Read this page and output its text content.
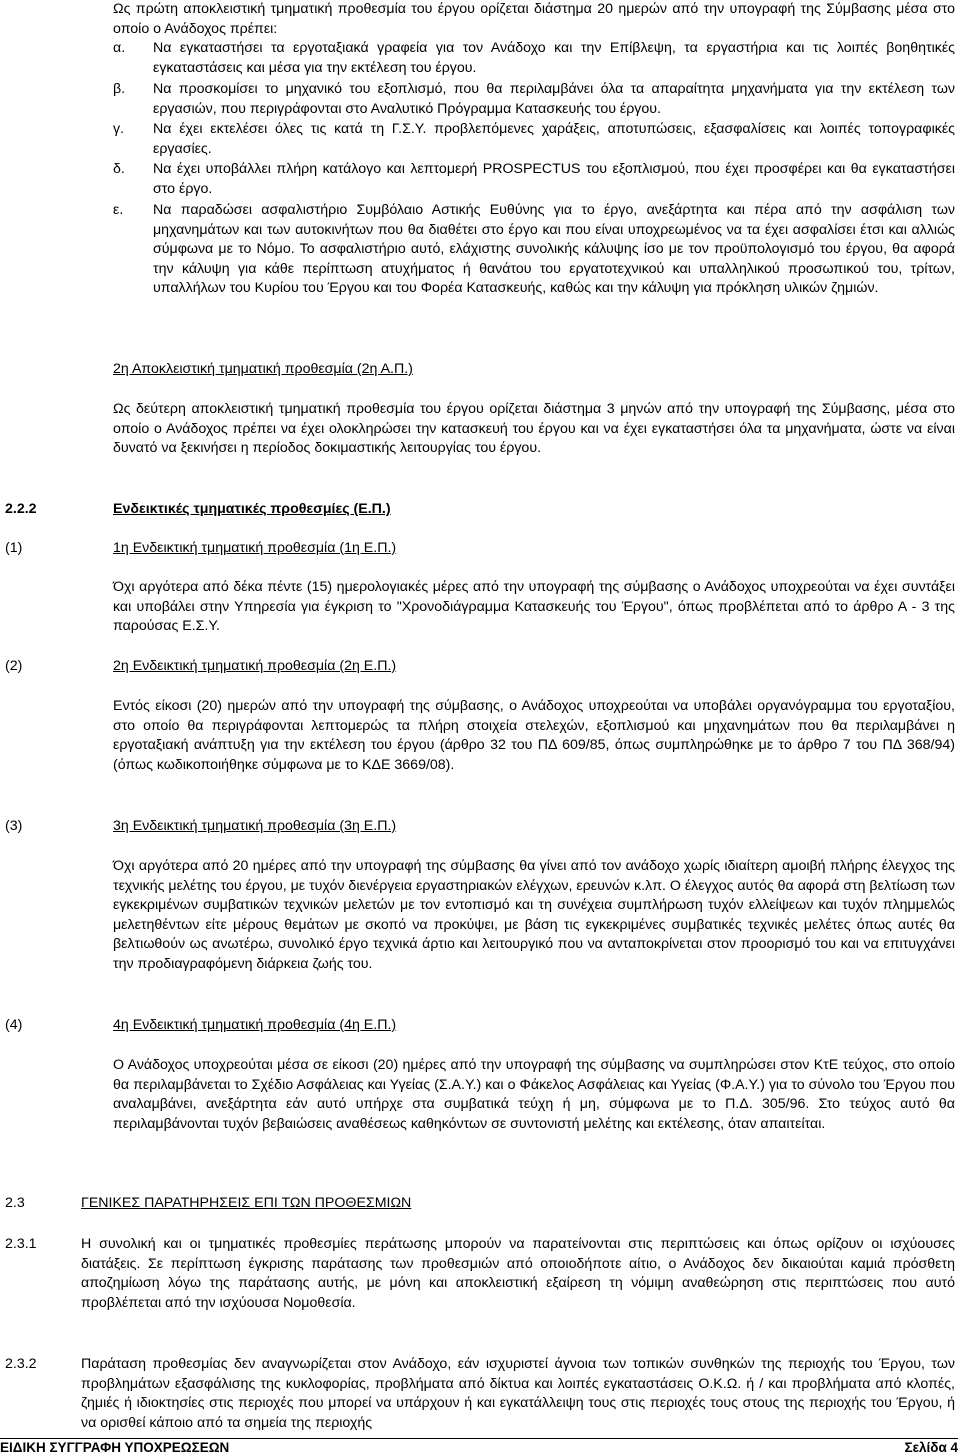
Ως πρώτη αποκλειστική τμηματική προθεσμία του έργου ορίζεται διάστημα 20 ημερών από την υπογραφή της Σύμβασης μέσα στο οποίο ο Ανάδοχος πρέπει:

α.	Να εγκαταστήσει τα εργοταξιακά γραφεία για τον Ανάδοχο και την Επίβλεψη, τα εργαστήρια και τις λοιπές βοηθητικές εγκαταστάσεις και μέσα για την εκτέλεση του έργου.
β.	Να προσκομίσει το μηχανικό του εξοπλισμό, που θα περιλαμβάνει όλα τα απαραίτητα μηχανήματα για την εκτέλεση των εργασιών, που περιγράφονται στο Αναλυτικό Πρόγραμμα Κατασκευής του έργου.
γ.	Να έχει εκτελέσει όλες τις κατά τη Γ.Σ.Υ. προβλεπόμενες χαράξεις, αποτυπώσεις, εξασφαλίσεις και λοιπές τοπογραφικές εργασίες.
δ.	Να έχει υποβάλλει πλήρη κατάλογο και λεπτομερή PROSPECTUS του εξοπλισμού, που έχει προσφέρει και θα εγκαταστήσει στο έργο.
ε.	Να παραδώσει ασφαλιστήριο Συμβόλαιο Αστικής Ευθύνης για το έργο, ανεξάρτητα και πέρα από την ασφάλιση των μηχανημάτων και των αυτοκινήτων που θα διαθέτει στο έργο και που είναι υποχρεωμένος να τα έχει ασφαλίσει έτσι και αλλιώς σύμφωνα με το Νόμο. Το ασφαλιστήριο αυτό, ελάχιστης συνολικής κάλυψης ίσο με τον προϋπολογισμό του έργου, θα αφορά την κάλυψη για κάθε περίπτωση ατυχήματος ή θανάτου του εργατοτεχνικού και υπαλληλικού προσωπικού του, τρίτων, υπαλλήλων του Κυρίου του Έργου και του Φορέα Κατασκευής, καθώς και την κάλυψη για πρόκληση υλικών ζημιών.
2η Αποκλειστική τμηματική προθεσμία (2η Α.Π.)

Ως δεύτερη αποκλειστική τμηματική προθεσμία του έργου ορίζεται διάστημα 3 μηνών από την υπογραφή της Σύμβασης, μέσα στο οποίο ο Ανάδοχος πρέπει να έχει ολοκληρώσει την κατασκευή του έργου και να έχει εγκαταστήσει όλα τα μηχανήματα, ώστε να είναι δυνατό να ξεκινήσει η περίοδος δοκιμαστικής λειτουργίας του έργου.

2.2.2	Ενδεικτικές τμηματικές προθεσμίες (Ε.Π.)
(1)	1η Ενδεικτική τμηματική προθεσμία (1η Ε.Π.)

Όχι αργότερα από δέκα πέντε (15) ημερολογιακές μέρες από την υπογραφή της σύμβασης ο Ανάδοχος υποχρεούται να έχει συντάξει και υποβάλει στην Υπηρεσία για έγκριση το "Χρονοδιάγραμμα Κατασκευής του Έργου", όπως προβλέπεται από το άρθρο Α - 3 της παρούσας Ε.Σ.Υ.

(2)	2η Ενδεικτική τμηματική προθεσμία (2η Ε.Π.)

Εντός είκοσι (20) ημερών από την υπογραφή της σύμβασης, ο Ανάδοχος υποχρεούται να υποβάλει οργανόγραμμα του εργοταξίου, στο οποίο θα περιγράφονται λεπτομερώς τα πλήρη στοιχεία στελεχών, εξοπλισμού και μηχανημάτων που θα περιλαμβάνει η εργοταξιακή ανάπτυξη για την εκτέλεση του έργου (άρθρο 32 του ΠΔ 609/85, όπως συμπληρώθηκε με το άρθρο 7 του ΠΔ 368/94) (όπως κωδικοποιήθηκε σύμφωνα με το ΚΔΕ 3669/08).

(3)	3η Ενδεικτική τμηματική προθεσμία (3η Ε.Π.)

Όχι αργότερα από 20 ημέρες από την υπογραφή της σύμβασης θα γίνει από τον ανάδοχο χωρίς ιδιαίτερη αμοιβή πλήρης έλεγχος της τεχνικής μελέτης του έργου, με τυχόν διενέργεια εργαστηριακών ελέγχων, ερευνών κ.λπ. Ο έλεγχος αυτός θα αφορά στη βελτίωση των εγκεκριμένων συμβατικών τεχνικών μελετών με τον εντοπισμό και τη συνέχεια συμπλήρωση τυχόν ελλείψεων και τυχόν πλημμελώς μελετηθέντων είτε μέρους θεμάτων με σκοπό να προκύψει, με βάση τις εγκεκριμένες συμβατικές τεχνικές μελέτες όπως αυτές θα βελτιωθούν ως ανωτέρω, συνολικό έργο τεχνικά άρτιο και λειτουργικό που να ανταποκρίνεται στον προορισμό του και να επιτυγχάνει την προδιαγραφόμενη διάρκεια ζωής του.

(4)	4η Ενδεικτική τμηματική προθεσμία (4η Ε.Π.)

Ο Ανάδοχος υποχρεούται μέσα σε είκοσι (20) ημέρες από την υπογραφή της σύμβασης να συμπληρώσει στον ΚτΕ τεύχος, στο οποίο θα περιλαμβάνεται το Σχέδιο Ασφάλειας και Υγείας (Σ.Α.Υ.) και ο Φάκελος Ασφάλειας και Υγείας (Φ.Α.Υ.) για το σύνολο του Έργου που αναλαμβάνει, ανεξάρτητα εάν αυτό υπήρχε στα συμβατικά τεύχη ή μη, σύμφωνα με το Π.Δ. 305/96. Στο τεύχος αυτό θα περιλαμβάνονται τυχόν βεβαιώσεις αναθέσεως καθηκόντων σε συντονιστή μελέτης και εκτέλεσης, όταν απαιτείται.

2.3	ΓΕΝΙΚΕΣ ΠΑΡΑΤΗΡΗΣΕΙΣ ΕΠΙ ΤΩΝ ΠΡΟΘΕΣΜΙΩΝ
2.3.1	Η συνολική και οι τμηματικές προθεσμίες περάτωσης μπορούν να παρατείνονται στις περιπτώσεις και όπως ορίζουν οι ισχύουσες διατάξεις. Σε περίπτωση έγκρισης παράτασης των προθεσμιών από οποιοδήποτε αίτιο, ο Ανάδοχος δεν δικαιούται καμιά πρόσθετη αποζημίωση λόγω της παράτασης αυτής, με μόνη και αποκλειστική εξαίρεση τη νόμιμη αναθεώρηση στις περιπτώσεις που αυτό προβλέπεται από την ισχύουσα Νομοθεσία.

2.3.2	Παράταση προθεσμίας δεν αναγνωρίζεται στον Ανάδοχο, εάν ισχυριστεί άγνοια των τοπικών συνθηκών της περιοχής του Έργου, των προβλημάτων εξασφάλισης της κυκλοφορίας, προβλήματα από δίκτυα και λοιπές εγκαταστάσεις Ο.Κ.Ω. ή / και προβλήματα από κλοπές, ζημιές ή ιδιοκτησίες στις περιοχές που μπορεί να υπάρχουν ή και εγκατάλλειψη τους στις περιοχές τους στους της περιοχής του Έργου, ή να ορισθεί κάποιο από τα σημεία της περιοχής

ΕΙΔΙΚΗ ΣΥΓΓΡΑΦΗ ΥΠΟΧΡΕΩΣΕΩΝ	Σελίδα 4
